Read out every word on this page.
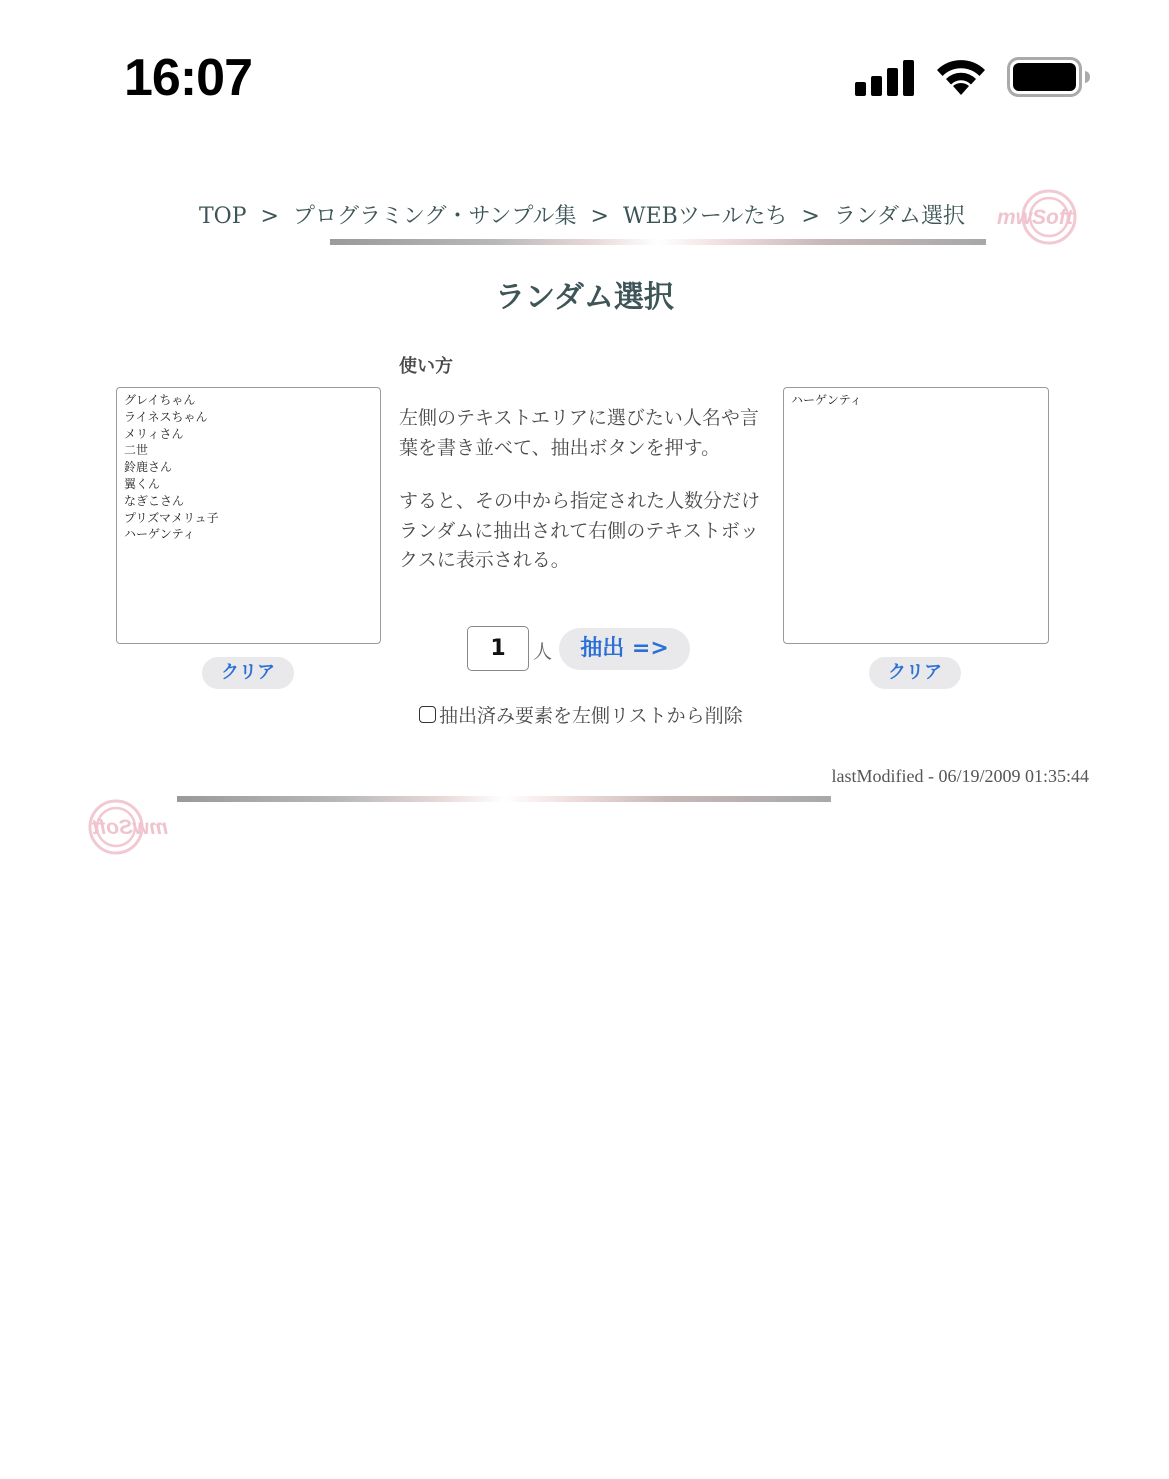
16:07
TOP > プログラミング・サンプル集 > WEBツールたち > ランダム選択 mwSoft
ランダム選択
グレイちゃん ライネスちゃん メリィさん 二世 鈴鹿さん 翼くん なぎこさん プリズマメリュ子 ハーゲンティ
クリア
使い方

左側のテキストエリアに選びたい人名や言葉を書き並べて、抽出ボタンを押す。

すると、その中から指定された人数分だけランダムに抽出されて右側のテキストボックスに表示される。

1
人	抽出 =>
抽出済み要素を左側リストから削除
ハーゲンティ
クリア
lastModified - 06/19/2009 01:35:44
mwSoft
